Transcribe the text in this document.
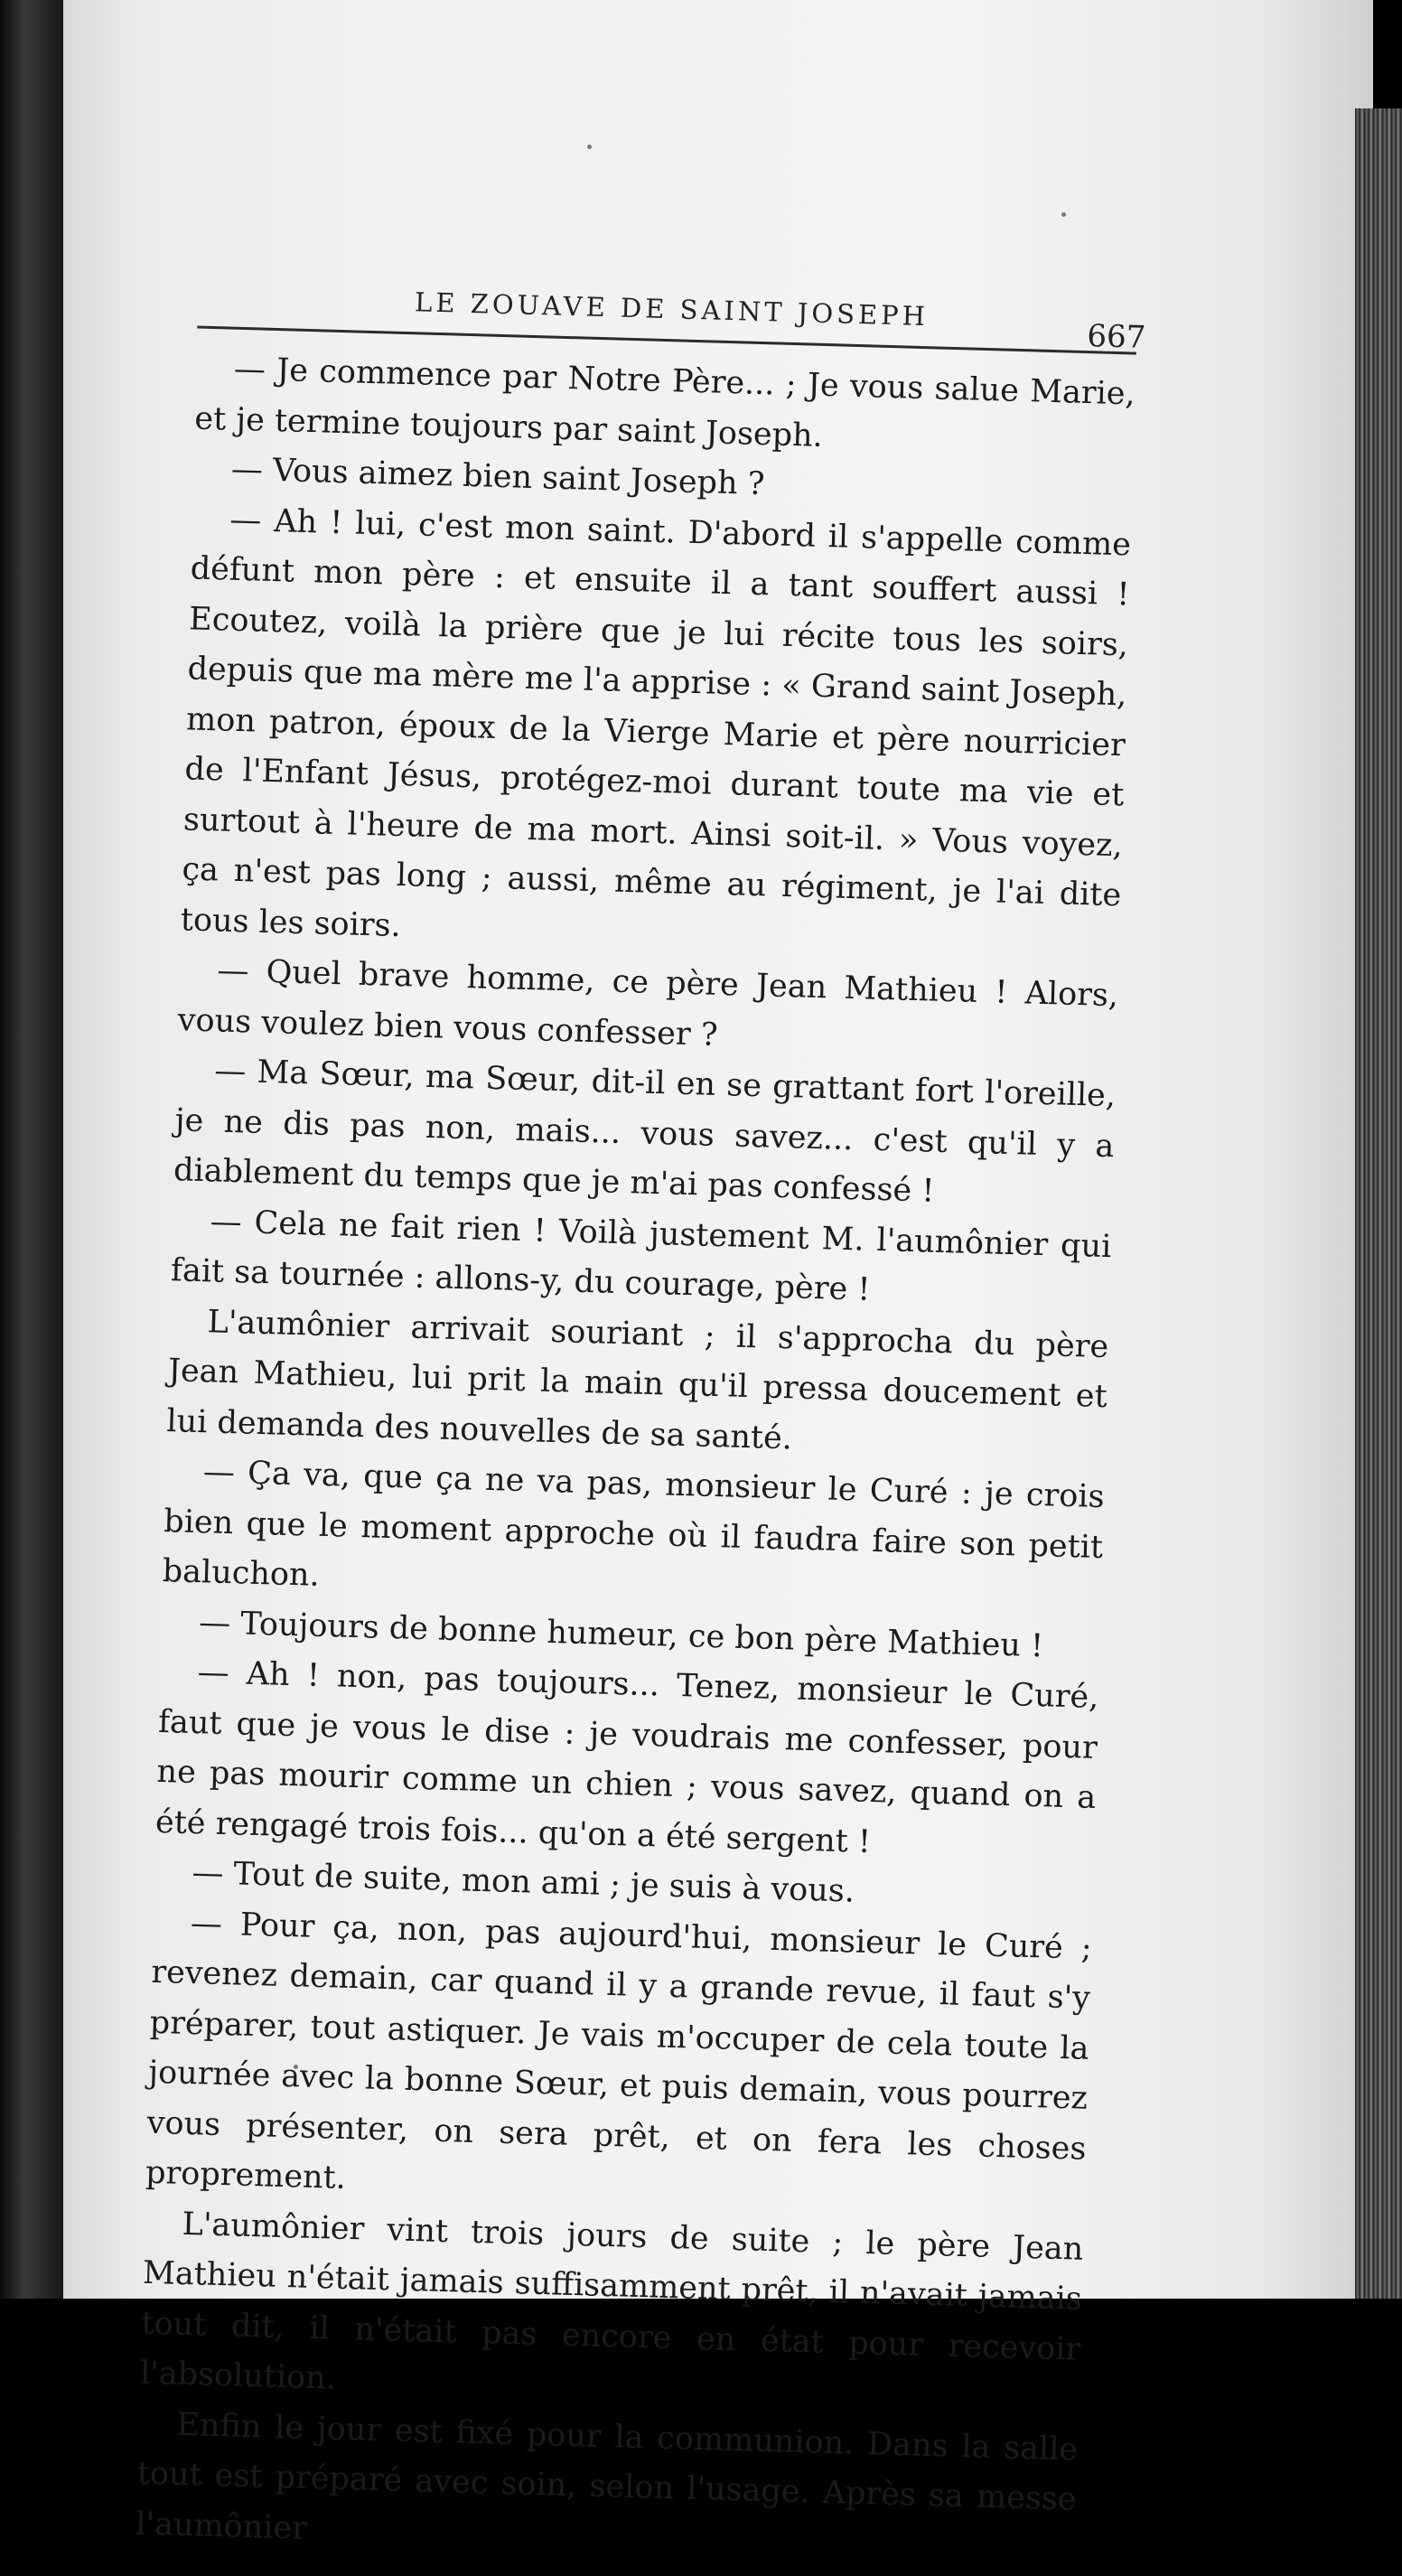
LE ZOUAVE DE SAINT JOSEPH
667

— Je commence par Notre Père... ; Je vous salue Marie, et je termine toujours par saint Joseph.

— Vous aimez bien saint Joseph ?

— Ah ! lui, c'est mon saint. D'abord il s'appelle comme défunt mon père : et ensuite il a tant souffert aussi ! Ecoutez, voilà la prière que je lui récite tous les soirs, depuis que ma mère me l'a apprise : « Grand saint Joseph, mon patron, époux de la Vierge Marie et père nourricier de l'Enfant Jésus, protégez-moi durant toute ma vie et surtout à l'heure de ma mort. Ainsi soit-il. » Vous voyez, ça n'est pas long ; aussi, même au régiment, je l'ai dite tous les soirs.

— Quel brave homme, ce père Jean Mathieu ! Alors, vous voulez bien vous confesser ?

— Ma Sœur, ma Sœur, dit-il en se grattant fort l'oreille, je ne dis pas non, mais... vous savez... c'est qu'il y a diablement du temps que je m'ai pas confessé !

— Cela ne fait rien ! Voilà justement M. l'aumônier qui fait sa tournée : allons-y, du courage, père !

L'aumônier arrivait souriant ; il s'approcha du père Jean Mathieu, lui prit la main qu'il pressa doucement et lui demanda des nouvelles de sa santé.

— Ça va, que ça ne va pas, monsieur le Curé : je crois bien que le moment approche où il faudra faire son petit baluchon.

— Toujours de bonne humeur, ce bon père Mathieu !

— Ah ! non, pas toujours... Tenez, monsieur le Curé, faut que je vous le dise : je voudrais me confesser, pour ne pas mourir comme un chien ; vous savez, quand on a été rengagé trois fois... qu'on a été sergent !

— Tout de suite, mon ami ; je suis à vous.

— Pour ça, non, pas aujourd'hui, monsieur le Curé ; revenez demain, car quand il y a grande revue, il faut s'y préparer, tout astiquer. Je vais m'occuper de cela toute la journée avec la bonne Sœur, et puis demain, vous pourrez vous présenter, on sera prêt, et on fera les choses proprement.

L'aumônier vint trois jours de suite ; le père Jean Mathieu n'était jamais suffisamment prêt, il n'avait jamais tout dit, il n'était pas encore en état pour recevoir l'absolution.

Enfin le jour est fixé pour la communion. Dans la salle tout est préparé avec soin, selon l'usage. Après sa messe l'aumônier
